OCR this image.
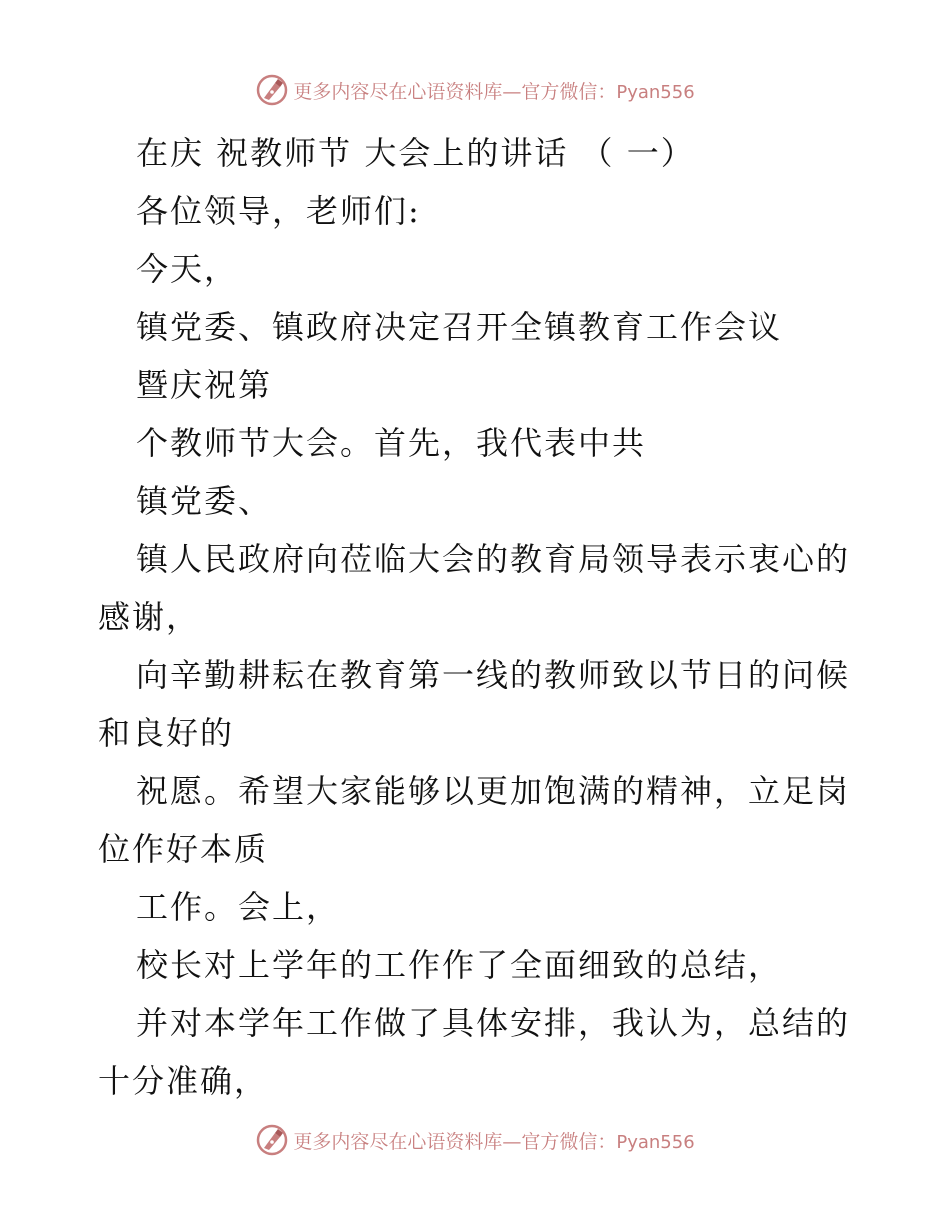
更多内容尽在心语资料库—官方微信：Pyan556
在庆 祝教师节 大会上的讲话 （ 一）
各位领导，老师们:
今天，
镇党委、镇政府决定召开全镇教育工作会议
暨庆祝第
个教师节大会。首先，我代表中共
镇党委、
镇人民政府向莅临大会的教育局领导表示衷心的
感谢，
向辛勤耕耘在教育第一线的教师致以节日的问候
和良好的
祝愿。希望大家能够以更加饱满的精神，立足岗
位作好本质
工作。会上，
校长对上学年的工作作了全面细致的总结，
并对本学年工作做了具体安排，我认为，总结的
十分准确，
更多内容尽在心语资料库—官方微信：Pyan556
